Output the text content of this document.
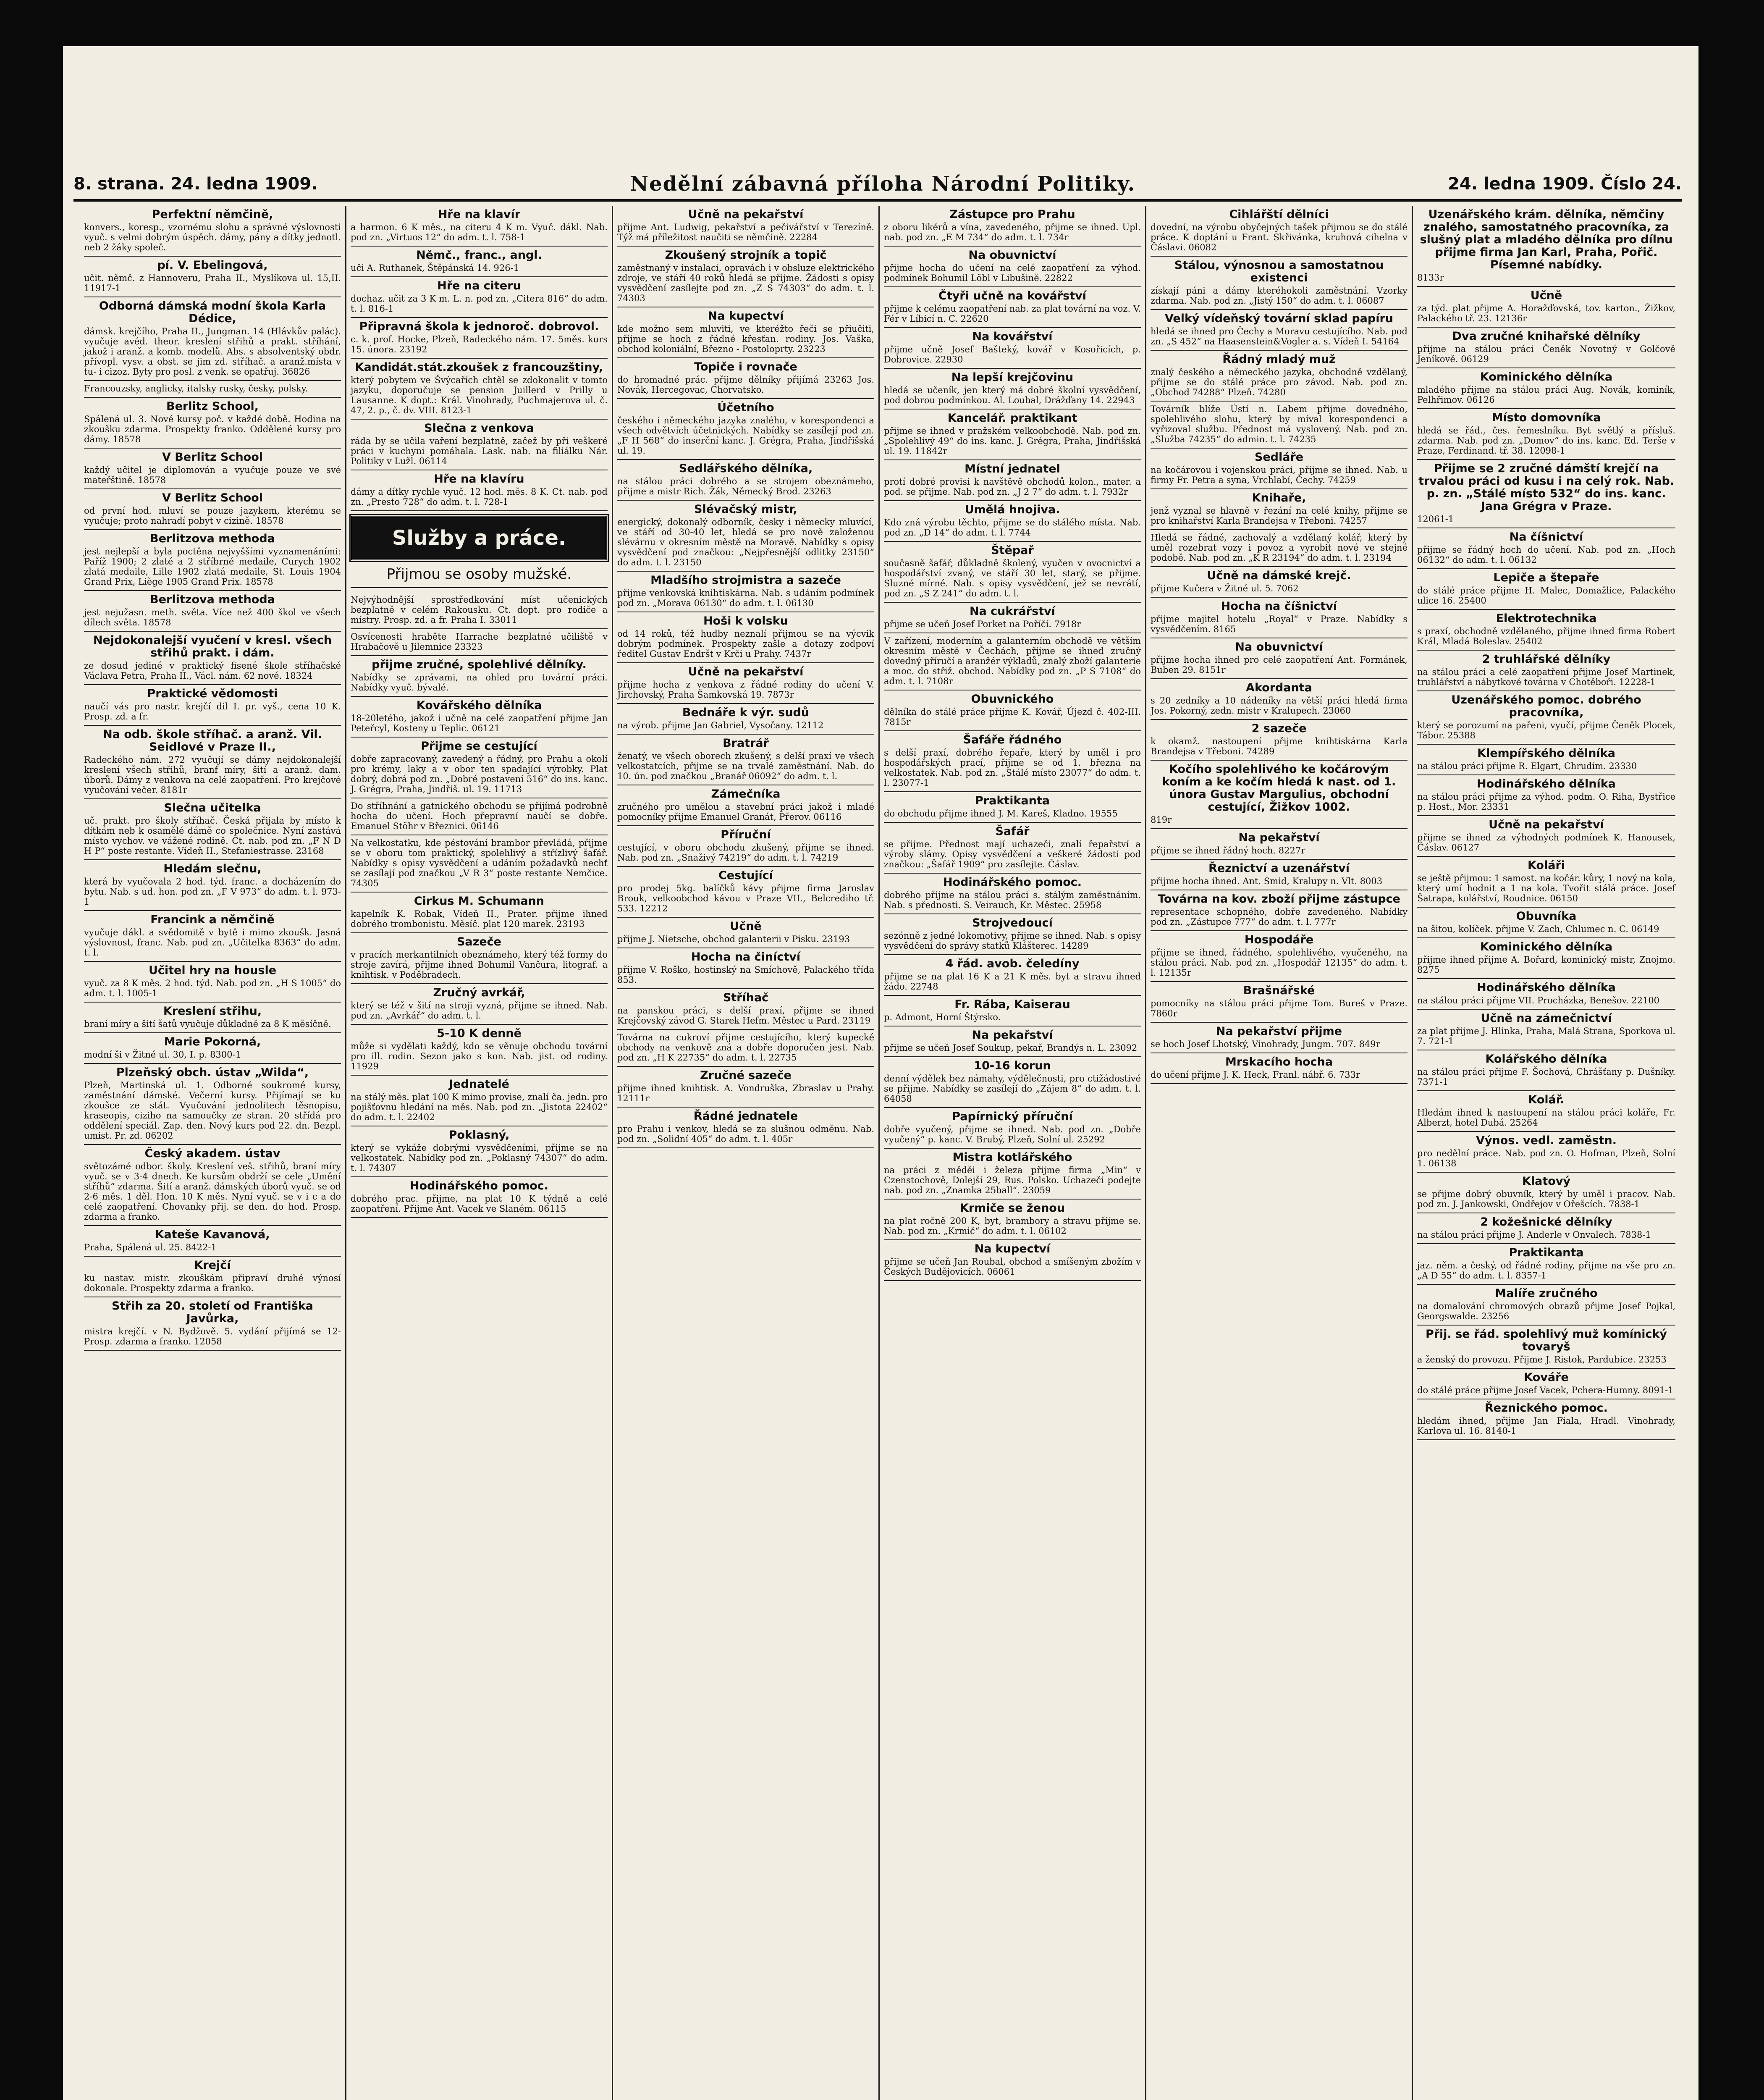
8. strana. 24. ledna 1909.	Nedělní zábavná příloha Národní Politiky.	24. ledna 1909. Číslo 24.
Perfektní němčině,

konvers., koresp., vzornému slohu a správné výslovnosti vyuč. s velmi dobrým úspěch. dámy, pány a dítky jednotl. neb 2 žáky společ.

pí. V. Ebelingová,

učit. němč. z Hannoveru, Praha II., Myslíkova ul. 15,II. 11917-1

Odborná dámská modní škola Karla Dédice,

dámsk. krejčího, Praha II., Jungman. 14 (Hlávkův palác). vyučuje avéd. theor. kreslení střihů a prakt. stříhání, jakož i aranž. a komb. modelů. Abs. s absolventský obdr. přívopl. vysv. a obst. se jim zd. stříhač. a aranž.místa v tu- i cizoz. Byty pro posl. z venk. se opatřuj. 36826

Francouzsky, anglicky, italsky rusky, česky, polsky.

Berlitz School,

Spálená ul. 3. Nové kursy poč. v každé době. Hodina na zkoušku zdarma. Prospekty franko. Oddělené kursy pro dámy. 18578

V Berlitz School

každý učitel je diplomován a vyučuje pouze ve své mateřštině. 18578

V Berlitz School

od první hod. mluví se pouze jazykem, kterému se vyučuje; proto nahradí pobyt v cizině. 18578

Berlitzova methoda

jest nejlepší a byla poctěna nejvyššími vyznamenáními: Paříž 1900; 2 zlaté a 2 stříbrné medaile, Curych 1902 zlatá medaile, Lille 1902 zlatá medaile, St. Louis 1904 Grand Prix, Liège 1905 Grand Prix. 18578

Berlitzova methoda

jest nejužasn. meth. světa. Více než 400 škol ve všech dílech světa. 18578

Nejdokonalejší vyučení v kresl. všech střihů prakt. i dám.

ze dosud jediné v praktický fisené škole stříhačské Václava Petra, Praha II., Václ. nám. 62 nové. 18324

Praktické vědomosti

naučí vás pro nastr. krejčí dil I. pr. vyš., cena 10 K. Prosp. zd. a fr.

Na odb. škole stříhač. a aranž. Vil. Seidlové v Praze II.,

Radeckého nám. 272 vyučují se dámy nejdokonalejší kreslení všech střihů, branf míry, šití a aranž. dam. úborů. Dámy z venkova na celé zaopatření. Pro krejčové vyučování večer. 8181r

Slečna učitelka

uč. prakt. pro školy stříhač. Česká přijala by místo k dítkám neb k osamělé dámě co společnice. Nyní zastává místo vychov. ve vážené rodině. Ct. nab. pod zn. „F N D H P“ poste restante. Vídeň II., Stefaniestrasse. 23168

Hledám slečnu,

která by vyučovala 2 hod. týd. franc. a docházením do bytu. Nab. s ud. hon. pod zn. „F V 973“ do adm. t. l. 973-1

Francink a němčině

vyučuje dákl. a svědomitě v bytě i mimo zkoušk. Jasná výslovnost, franc. Nab. pod zn. „Učitelka 8363“ do adm. t. l.

Učitel hry na housle

vyuč. za 8 K měs. 2 hod. týd. Nab. pod zn. „H S 1005“ do adm. t. l. 1005-1

Kreslení střihu,

braní míry a šití šatů vyučuje důkladně za 8 K měsíčně.

Marie Pokorná,

modní ši v Žitné ul. 30, I. p. 8300-1

Plzeňský obch. ústav „Wilda“,

Plzeň, Martinská ul. 1. Odborné soukromé kursy, zaměstnání dámské. Večerní kursy. Přijímají se ku zkoušce ze stát. Vyučování jednolitech těsnopisu, kraseopis, ciziho na samoučky ze stran. 20 střídá pro oddělení speciál. Zap. den. Nový kurs pod 22. dn. Bezpl. umist. Pr. zd. 06202

Český akadem. ústav

světozámé odbor. školy. Kreslení veš. střihů, braní míry vyuč. se v 3-4 dnech. Ke kursům obdrží se cele „Umění stříhů“ zdarma. Šití a aranž. dámských úborů vyuč. se od 2-6 měs. 1 děl. Hon. 10 K měs. Nyní vyuč. se v i c a do celé zaopatření. Chovanky přij. se den. do hod. Prosp. zdarma a franko.

Kateše Kavanová,

Praha, Spálená ul. 25. 8422-1

Krejčí

ku nastav. mistr. zkouškám připraví druhé výnosí dokonale. Prospekty zdarma a franko.

Střih za 20. století od Františka Javůrka,

mistra krejčí. v N. Bydžově. 5. vydání přijímá se 12-Prosp. zdarma a franko. 12058

Hře na klavír

a harmon. 6 K měs., na citeru 4 K m. Vyuč. dákl. Nab. pod zn. „Virtuos 12“ do adm. t. l. 758-1

Němč., franc., angl.

uči A. Ruthanek, Štěpánská 14. 926-1

Hře na citeru

dochaz. učit za 3 K m. L. n. pod zn. „Citera 816“ do adm. t. l. 816-1

Připravná škola k jednoroč. dobrovol.

c. k. prof. Hocke, Plzeň, Radeckého nám. 17. 5měs. kurs 15. února. 23192

Kandidát.stát.zkoušek z francouzštiny,

který pobytem ve Švýcařích chtěl se zdokonalit v tomto jazyku, doporučuje se pension Juillerd v Prilly u Lausanne. K dopt.: Král. Vinohrady, Puchmajerova ul. č. 47, 2. p., č. dv. VIII. 8123-1

Slečna z venkova

ráda by se učila vaření bezplatně, začež by při veškeré práci v kuchyni pomáhala. Lask. nab. na filiálku Nár. Politiky v Lužl. 06114

Hře na klavíru

dámy a dítky rychle vyuč. 12 hod. měs. 8 K. Ct. nab. pod zn. „Presto 728“ do adm. t. l. 728-1

Služby a práce.
Přijmou se osoby mužské.

Nejvýhodnější sprostředkování míst učenických bezplatně v celém Rakousku. Ct. dopt. pro rodiče a mistry. Prosp. zd. a fr. Praha I. 33011

Osvícenosti hraběte Harrache bezplatné učiliště v Hrabačově u Jilemnice 23323

přijme zručné, spolehlivé dělníky.

Nabídky se zprávami, na ohled pro tovární práci. Nabídky vyuč. bývalé.

Kovářského dělníka

18-20letého, jakož i učně na celé zaopatření přijme Jan Peteřcyl, Kosteny u Teplic. 06121

Přijme se cestující

dobře zapracovaný, zavedený a řádný, pro Prahu a okolí pro krémy, laky a v obor ten spadající výrobky. Plat dobrý, dobrá pod zn. „Dobré postavení 516“ do ins. kanc. J. Grégra, Praha, Jindřiš. ul. 19. 11713

Do stříhnání a gatnického obchodu se přijímá podrobně hocha do učení. Hoch přepravní naučí se dobře. Emanuel Stöhr v Březnici. 06146

Na velkostatku, kde péstování brambor převládá, přijme se v oboru tom praktický, spolehlivý a střízlivý šafář. Nabídky s opisy vysvědčení a udáním požadavků nechť se zasílají pod značkou „V R 3“ poste restante Nemčice. 74305

Cirkus M. Schumann

kapelník K. Robak, Vídeň II., Prater. přijme ihned dobrého trombonistu. Měsíč. plat 120 marek. 23193

Sazeče

v pracích merkantilních obeznámeho, který též formy do stroje zavírá, přijme ihned Bohumil Vančura, litograf. a knihtisk. v Poděbradech.

Zručný avrkář,

který se též v šití na stroji vyzná, přijme se ihned. Nab. pod zn. „Avrkář“ do adm. t. l.

5-10 K denně

může si vydělati každý, kdo se věnuje obchodu tovární pro ill. rodin. Sezon jako s kon. Nab. jist. od rodiny. 11929

Jednatelé

na stálý měs. plat 100 K mimo provise, znalí ča. jedn. pro pojišťovnu hledání na měs. Nab. pod zn. „Jistota 22402“ do adm. t. l. 22402

Poklasný,

který se vykáže dobrými vysvědčeními, přijme se na velkostatek. Nabídky pod zn. „Poklasný 74307“ do adm. t. l. 74307

Hodinářského pomoc.

dobrého prac. přijme, na plat 10 K týdně a celé zaopatření. Přijme Ant. Vacek ve Slaném. 06115

Učně na pekařství

přijme Ant. Ludwig, pekařství a pečivářství v Terezíně. Týž má příležitost naučiti se němčině. 22284

Zkoušený strojník a topič

zaměstnaný v instalaci, opravách i v obsluze elektrického zdroje, ve stáří 40 roků hledá se přijme. Žádosti s opisy vysvědčení zasílejte pod zn. „Z S 74303“ do adm. t. l. 74303

Na kupectví

kde možno sem mluviti, ve kteréžto řeči se přiučiti, přijme se hoch z řádné křesťan. rodiny. Jos. Vaška, obchod koloniální, Březno - Postoloprty. 23223

Topiče i rovnače

do hromadné prác. přijme dělníky přijímá 23263 Jos. Novák, Hercegovac, Chorvatsko.

Účetního

českého i německého jazyka znalého, v korespondenci a všech odvětvích účetnických. Nabídky se zasílejí pod zn. „F H 568“ do inserční kanc. J. Grégra, Praha, Jindřišská ul. 19.

Sedlářského dělníka,

na stálou práci dobrého a se strojem obeznámeho, přijme a mistr Rich. Žák, Německý Brod. 23263

Slévačský mistr,

energický, dokonalý odborník, česky i německy mluvící, ve stáří od 30-40 let, hledá se pro nově založenou slévárnu v okresním městě na Moravě. Nabídky s opisy vysvědčení pod značkou: „Nejpřesnější odlitky 23150“ do adm. t. l. 23150

Mladšího strojmistra a sazeče

přijme venkovská knihtiskárna. Nab. s udáním podmínek pod zn. „Morava 06130“ do adm. t. l. 06130

Hoši k volsku

od 14 roků, též hudby neznalí přijmou se na výcvik dobrým podmínek. Prospekty zašle a dotazy zodpoví ředitel Gustav Endršt v Krči u Prahy. 7437r

Učně na pekařství

přijme hocha z venkova z řádné rodiny do učení V. Jirchovský, Praha Šamkovská 19. 7873r

Bednáře k výr. sudů

na výrob. přijme Jan Gabriel, Vysočany. 12112

Bratrář

ženatý, ve všech oborech zkušený, s delší praxí ve všech velkostatcích, přijme se na trvalé zaměstnání. Nab. do 10. ún. pod značkou „Branář 06092“ do adm. t. l.

Zámečníka

zručného pro umělou a stavební práci jakož i mladé pomocníky přijme Emanuel Granát, Přerov. 06116

Příruční

cestující, v oboru obchodu zkušený, přijme se ihned. Nab. pod zn. „Snaživý 74219“ do adm. t. l. 74219

Cestující

pro prodej 5kg. balíčků kávy přijme firma Jaroslav Brouk, velkoobchod kávou v Praze VII., Belcrediho tř. 533. 12212

Učně

přijme J. Nietsche, obchod galanterii v Pisku. 23193

Hocha na činíctví

přijme V. Roško, hostinský na Smíchově, Palackého třída 853.

Stříhač

na panskou práci, s delší praxí, přijme se ihned Krejčovský závod G. Starek Hefm. Městec u Pard. 23119

Továrna na cukroví přijme cestujícího, který kupecké obchody na venkově zná a dobře doporučen jest. Nab. pod zn. „H K 22735“ do adm. t. l. 22735

Zručné sazeče

přijme ihned knihtisk. A. Vondruška, Zbraslav u Prahy. 12111r

Řádné jednatele

pro Prahu i venkov, hledá se za slušnou odměnu. Nab. pod zn. „Solidní 405“ do adm. t. l. 405r

Zástupce pro Prahu

z oboru likérů a vína, zavedeného, přijme se ihned. Upl. nab. pod zn. „E M 734“ do adm. t. l. 734r

Na obuvnictví

přijme hocha do učení na celé zaopatření za výhod. podmínek Bohumil Löbl v Libušině. 22822

Čtyři učně na kovářství

přijme k celému zaopatření nab. za plat tovární na voz. V. Fér v Líbicí n. C. 22620

Na kovářství

přijme učně Josef Bašteký, kovář v Kosořicích, p. Dobrovice. 22930

Na lepší krejčovinu

hledá se učeník, jen který má dobré školní vysvědčení, pod dobrou podmínkou. Al. Loubal, Drážďany 14. 22943

Kancelář. praktikant

přijme se ihned v pražském velkoobchodě. Nab. pod zn. „Spolehlivý 49“ do ins. kanc. J. Grégra, Praha, Jindřišská ul. 19. 11842r

Místní jednatel

protí dobré provisi k navštěvě obchodů kolon., mater. a pod. se přijme. Nab. pod zn. „J 2 7“ do adm. t. l. 7932r

Umělá hnojiva.

Kdo zná výrobu těchto, přijme se do stálého místa. Nab. pod zn. „D 14“ do adm. t. l. 7744

Štěpař

současně šafář, důkladně školený, vyučen v ovocnictví a hospodářství zvaný, ve stáří 30 let, starý, se přijme. Sluzné mírné. Nab. s opisy vysvědčení, jež se nevrátí, pod zn. „S Z 241“ do adm. t. l.

Na cukrářství

přijme se učeň Josef Porket na Poříčí. 7918r

V zařízení, moderním a galanterním obchodě ve větším okresním městě v Čechách, přijme se ihned zručný dovedný příručí a aranžér výkladů, znalý zboží galanterie a moc. do střiž. obchod. Nabídky pod zn. „P S 7108“ do adm. t. l. 7108r

Obuvnického

dělníka do stálé práce přijme K. Kovář, Újezd č. 402-III. 7815r

Šafáře řádného

s delší praxí, dobrého řepaře, který by uměl i pro hospodářských prací, přijme se od 1. března na velkostatek. Nab. pod zn. „Stálé místo 23077“ do adm. t. l. 23077-1

Praktikanta

do obchodu přijme ihned J. M. Kareš, Kladno. 19555

Šafář

se přijme. Přednost mají uchazeči, znalí řepařství a výroby slámy. Opisy vysvědčení a veškeré žádosti pod značkou: „Šafář 1909“ pro zasílejte. Čáslav.

Hodinářského pomoc.

dobrého přijme na stálou práci s. stálým zaměstnáním. Nab. s přednosti. S. Veirauch, Kr. Městec. 25958

Strojvedoucí

sezónně z jedné lokomotivy, přijme se ihned. Nab. s opisy vysvědčení do správy statků Klášterec. 14289

4 řád. avob. čeledíny

přijme se na plat 16 K a 21 K měs. byt a stravu ihned žádo. 22748

Fr. Rába, Kaiserau

p. Admont, Horní Štýrsko.

Na pekařství

přijme se učeň Josef Soukup, pekař, Brandýs n. L. 23092

10-16 korun

denní výdělek bez námahy, výdělečnosti, pro ctižádostivé se přijme. Nabídky se zasílejí do „Zájem 8“ do adm. t. l. 64058

Papírnický příruční

dobře vyučený, přijme se ihned. Nab. pod zn. „Dobře vyučený“ p. kanc. V. Brubý, Plzeň, Solní ul. 25292

Mistra kotlářského

na práci z měděi i železa přijme firma „Min“ v Czenstochově, Dolejší 29, Rus. Polsko. Uchazeči podejte nab. pod zn. „Znamka 25ball“. 23059

Krmiče se ženou

na plat ročně 200 K, byt, brambory a stravu přijme se. Nab. pod zn. „Krmič“ do adm. t. l. 06102

Na kupectví

přijme se učeň Jan Roubal, obchod a smíšeným zbožím v Českých Budějovicích. 06061

Cihlářští dělníci

dovední, na výrobu obyčejných tašek přijmou se do stálé práce. K doptání u Frant. Skřivánka, kruhová cihelna v Čáslavi. 06082

Stálou, výnosnou a samostatnou existenci

získají páni a dámy kteréhokoli zaměstnání. Vzorky zdarma. Nab. pod zn. „Jistý 150“ do adm. t. l. 06087

Velký vídeňský tovární sklad papíru

hledá se ihned pro Čechy a Moravu cestujícího. Nab. pod zn. „S 452“ na Haasenstein&Vogler a. s. Vídeň I. 54164

Řádný mladý muž

znalý českého a německého jazyka, obchodně vzdělaný, přijme se do stálé práce pro závod. Nab. pod zn. „Obchod 74288“ Plzeň. 74280

Továrník blíže Ústí n. Labem přijme dovedného, spolehlivého slohu, který by míval korespondenci a vyřizoval službu. Přednost má vyslovený. Nab. pod zn. „Služba 74235“ do admin. t. l. 74235

Sedláře

na kočárovou i vojenskou práci, přijme se ihned. Nab. u firmy Fr. Petra a syna, Vrchlabí, Čechy. 74259

Knihaře,

jenž vyznal se hlavně v řezání na celé knihy, přijme se pro knihařství Karla Brandejsa v Třeboni. 74257

Hledá se řádné, zachovalý a vzdělaný kolář, který by uměl rozebrat vozy i povoz a vyrobit nové ve stejné podobě. Nab. pod zn. „K R 23194“ do adm. t. l. 23194

Učně na dámské krejč.

přijme Kučera v Žitné ul. 5. 7062

Hocha na číšnictví

přijme majitel hotelu „Royal“ v Praze. Nabídky s vysvědčením. 8165

Na obuvnictví

přijme hocha ihned pro celé zaopatření Ant. Formánek, Buben 29. 8151r

Akordanta

s 20 zedníky a 10 nádeníky na větší práci hledá firma Jos. Pokorný, zedn. mistr v Kralupech. 23060

2 sazeče

k okamž. nastoupení přijme knihtiskárna Karla Brandejsa v Třeboni. 74289

Kočího spolehlivého ke kočárovým koním a ke kočím hledá k nast. od 1. února Gustav Margulius, obchodní cestující, Žižkov 1002.

819r

Na pekařství

přijme se ihned řádný hoch. 8227r

Řeznictví a uzenářství

přijme hocha ihned. Ant. Smid, Kralupy n. Vlt. 8003

Továrna na kov. zboží přijme zástupce

representace schopného, dobře zavedeného. Nabídky pod zn. „Zástupce 777“ do adm. t. l. 777r

Hospodáře

přijme se ihned, řádného, spolehlivého, vyučeného, na stálou práci. Nab. pod zn. „Hospodář 12135“ do adm. t. l. 12135r

Brašnářské

pomocníky na stálou práci přijme Tom. Bureš v Praze. 7860r

Na pekařství přijme

se hoch Josef Lhotský, Vinohrady, Jungm. 707. 849r

Mrskacího hocha

do učení přijme J. K. Heck, Franl. nábř. 6. 733r

Uzenářského krám. dělníka, němčiny znalého, samostatného pracovníka, za slušný plat a mladého dělníka pro dílnu přijme firma Jan Karl, Praha, Pořič. Písemné nabídky.

8133r

Učně

za týd. plat přijme A. Horažďovská, tov. karton., Žižkov, Palackého tř. 23. 12136r

Dva zručné knihařské dělníky

přijme na stálou práci Čeněk Novotný v Golčově Jeníkově. 06129

Kominického dělníka

mladého přijme na stálou práci Aug. Novák, kominík, Pelhřimov. 06126

Místo domovníka

hledá se řád., čes. řemeslníku. Byt světlý a přísluš. zdarma. Nab. pod zn. „Domov“ do ins. kanc. Ed. Terše v Praze, Ferdinand. tř. 38. 12098-1

Přijme se 2 zručné dámští krejčí na trvalou práci od kusu i na celý rok. Nab. p. zn. „Stálé místo 532“ do ins. kanc. Jana Grégra v Praze.

12061-1

Na číšnictví

přijme se řádný hoch do učení. Nab. pod zn. „Hoch 06132“ do adm. t. l. 06132

Lepiče a štepaře

do stálé práce přijme H. Malec, Domažlice, Palackého ulice 16. 25400

Elektrotechnika

s praxí, obchodně vzdělaného, přijme ihned firma Robert Král, Mladá Boleslav. 25402

2 truhlářské dělníky

na stálou práci a celé zaopatření přijme Josef Martinek, truhlářství a nábytkové továrna v Chotěboři. 12228-1

Uzenářského pomoc. dobrého pracovníka,

který se porozumí na pařeni, vyučí, přijme Čeněk Plocek, Tábor. 25388

Klempířského dělníka

na stálou práci přijme R. Elgart, Chrudim. 23330

Hodinářského dělníka

na stálou práci přijme za výhod. podm. O. Riha, Bystřice p. Host., Mor. 23331

Učně na pekařství

přijme se ihned za výhodných podmínek K. Hanousek, Čáslav. 06127

Koláři

se ještě přijmou: 1 samost. na kočár. kůry, 1 nový na kola, který umí hodnit a 1 na kola. Tvořit stálá práce. Josef Šatrapa, kolářství, Roudnice. 06150

Obuvníka

na šitou, kolíček. přijme V. Zach, Chlumec n. C. 06149

Kominického dělníka

přijme ihned přijme A. Bořard, kominický mistr, Znojmo. 8275

Hodinářského dělníka

na stálou práci přijme VII. Procházka, Benešov. 22100

Učně na zámečnictví

za plat přijme J. Hlinka, Praha, Malá Strana, Sporkova ul. 7. 721-1

Kolářského dělníka

na stálou práci přijme F. Šochová, Chrášťany p. Dušníky. 7371-1

Kolář.

Hledám ihned k nastoupení na stálou práci koláře, Fr. Alberzt, hotel Dubá. 25264

Výnos. vedl. zaměstn.

pro nedělní práce. Nab. pod zn. O. Hofman, Plzeň, Solní 1. 06138

Klatový

se přijme dobrý obuvník, který by uměl i pracov. Nab. pod zn. J. Jankowski, Ondřejov v Ořešcích. 7838-1

2 kožešnické dělníky

na stálou práci přijme J. Anderle v Onvalech. 7838-1

Praktikanta

jaz. něm. a český, od řádné rodiny, přijme na vše pro zn. „A D 55“ do adm. t. l. 8357-1

Malíře zručného

na domalování chromových obrazů přijme Josef Pojkal, Georgswalde. 23256

Přij. se řád. spolehlivý muž komínický tovaryš

a ženský do provozu. Přijme J. Ristok, Pardubice. 23253

Kováře

do stálé práce přijme Josef Vacek, Pchera-Humny. 8091-1

Řeznického pomoc.

hledám ihned, přijme Jan Fiala, Hradl. Vinohrady, Karlova ul. 16. 8140-1
